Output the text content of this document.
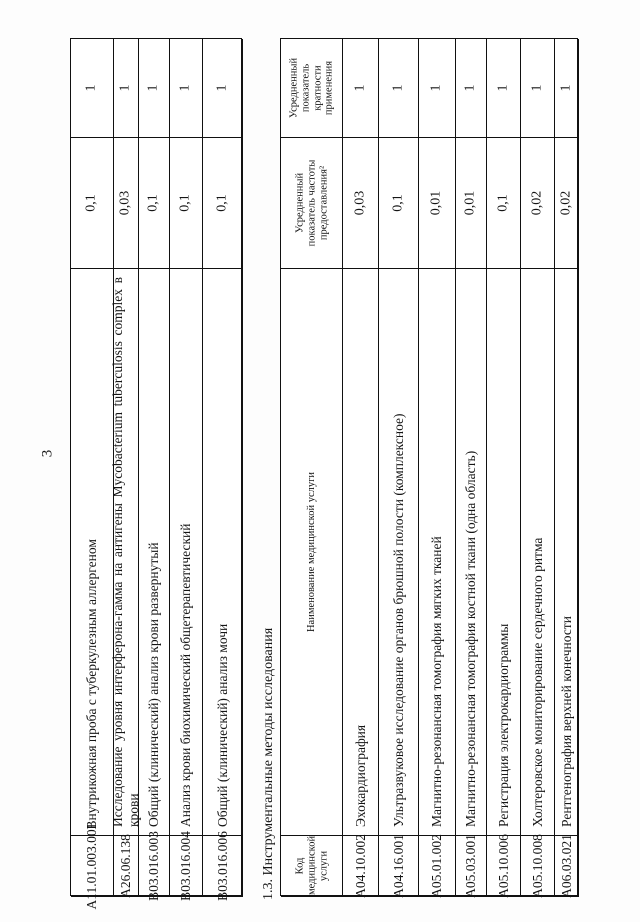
3
A11.01.003.001
Внутрикожная проба с туберкулезным аллергеном
0,1
1
A26.06.138
Исследование уровня интерферона-гамма на антигены Mycobacterium tuberculosis complex в крови
0,03
1
B03.016.003
Общий (клинический) анализ крови развернутый
0,1
1
B03.016.004
Анализ крови биохимический общетерапевтический
0,1
1
B03.016.006
Общий (клинический) анализ мочи
0,1
1
1.3. Инструментальные методы исследования Код медицинской услуги
Наименование медицинской услуги
Усредненный показатель частоты предоставления²
Усредненный показатель кратности применения
A04.10.002
Эхокардиография
0,03
1
A04.16.001
Ультразвуковое исследование органов брюшной полости (комплексное)
0,1
1
A05.01.002
Магнитно-резонансная томография мягких тканей
0,01
1
A05.03.001
Магнитно-резонансная томография костной ткани (одна область)
0,01
1
A05.10.006
Регистрация электрокардиограммы
0,1
1
A05.10.008
Холтеровское мониторирование сердечного ритма
0,02
1
A06.03.021
Рентгенография верхней конечности
0,02
1
